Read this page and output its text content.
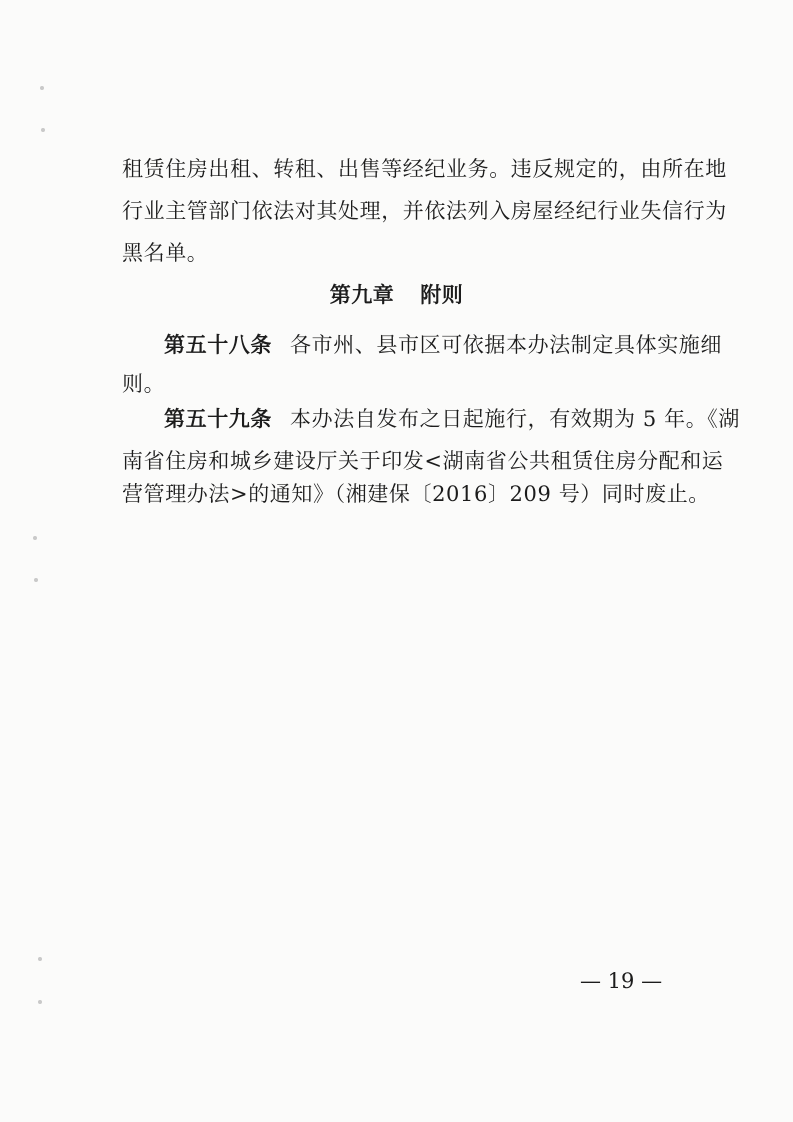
租赁住房出租、转租、出售等经纪业务。违反规定的，由所在地
行业主管部门依法对其处理，并依法列入房屋经纪行业失信行为
黑名单。
第九章 附则
第五十八条 各市州、县市区可依据本办法制定具体实施细
则。
第五十九条 本办法自发布之日起施行，有效期为 5 年。《湖
南省住房和城乡建设厅关于印发<湖南省公共租赁住房分配和运
营管理办法>的通知》（湘建保〔2016〕209 号）同时废止。
— 19 —
